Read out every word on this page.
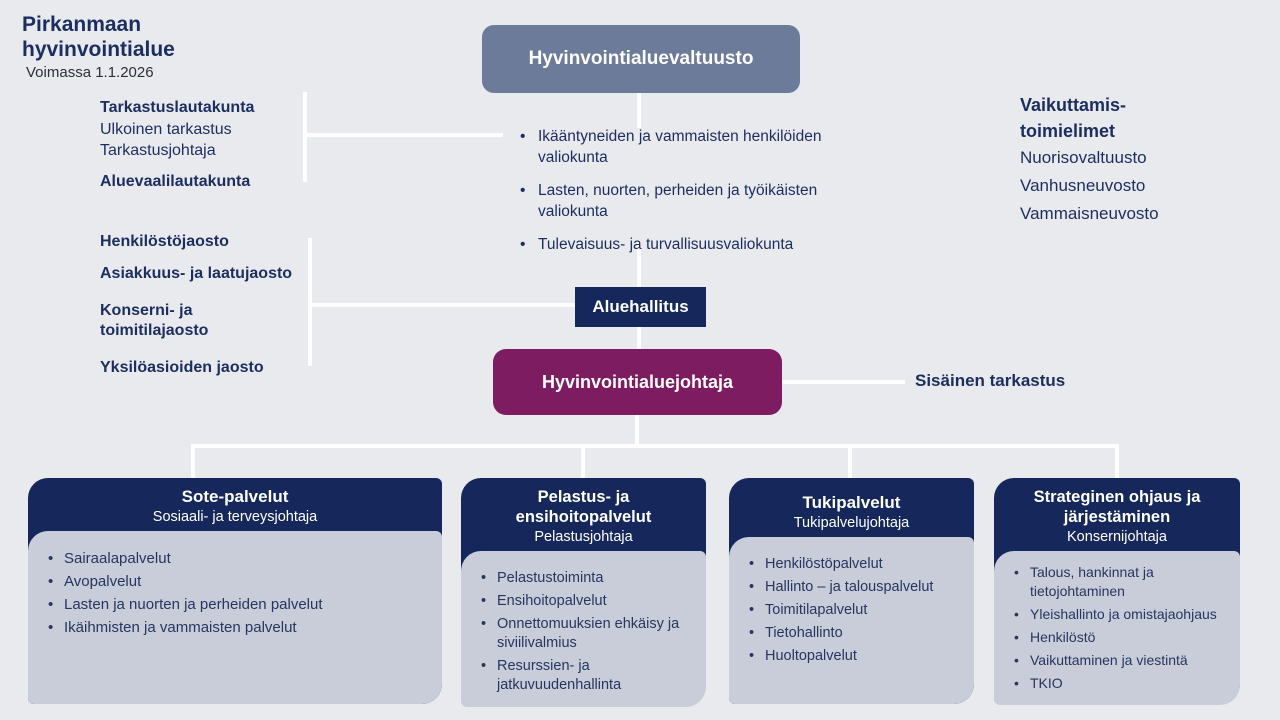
Pirkanmaan
hyvinvointialue
Voimassa 1.1.2026
Hyvinvointialuevaltuusto
Tarkastuslautakunta
Ulkoinen tarkastus
Tarkastusjohtaja
Aluevaalilautakunta
Henkilöstöjaosto
Asiakkuus- ja laatujaosto
Konserni- ja toimitilajaosto
Yksilöasioiden jaosto
• Ikääntyneiden ja vammaisten henkilöiden valiokunta
• Lasten, nuorten, perheiden ja työikäisten valiokunta
• Tulevaisuus- ja turvallisuusvaliokunta
Vaikuttamis-
toimielimet
Nuorisovaltuusto
Vanhusneuvosto
Vammaisneuvosto
Aluehallitus
Hyvinvointialuejohtaja	Sisäinen tarkastus
Sote-palvelut
Sosiaali- ja terveysjohtaja
• Sairaalapalvelut
• Avopalvelut
• Lasten ja nuorten ja perheiden palvelut
• Ikäihmisten ja vammaisten palvelut
Pelastus- ja ensihoitopalvelut
Pelastusjohtaja
• Pelastustoiminta
• Ensihoitopalvelut
• Onnettomuuksien ehkäisy ja siviilivalmius
• Resurssien- ja jatkuvuudenhallinta
Tukipalvelut
Tukipalvelujohtaja
• Henkilöstöpalvelut
• Hallinto – ja talouspalvelut
• Toimitilapalvelut
• Tietohallinto
• Huoltopalvelut
Strateginen ohjaus ja järjestäminen
Konsernijohtaja
• Talous, hankinnat ja tietojohtaminen
• Yleishallinto ja omistajaohjaus
• Henkilöstö
• Vaikuttaminen ja viestintä
• TKIO
